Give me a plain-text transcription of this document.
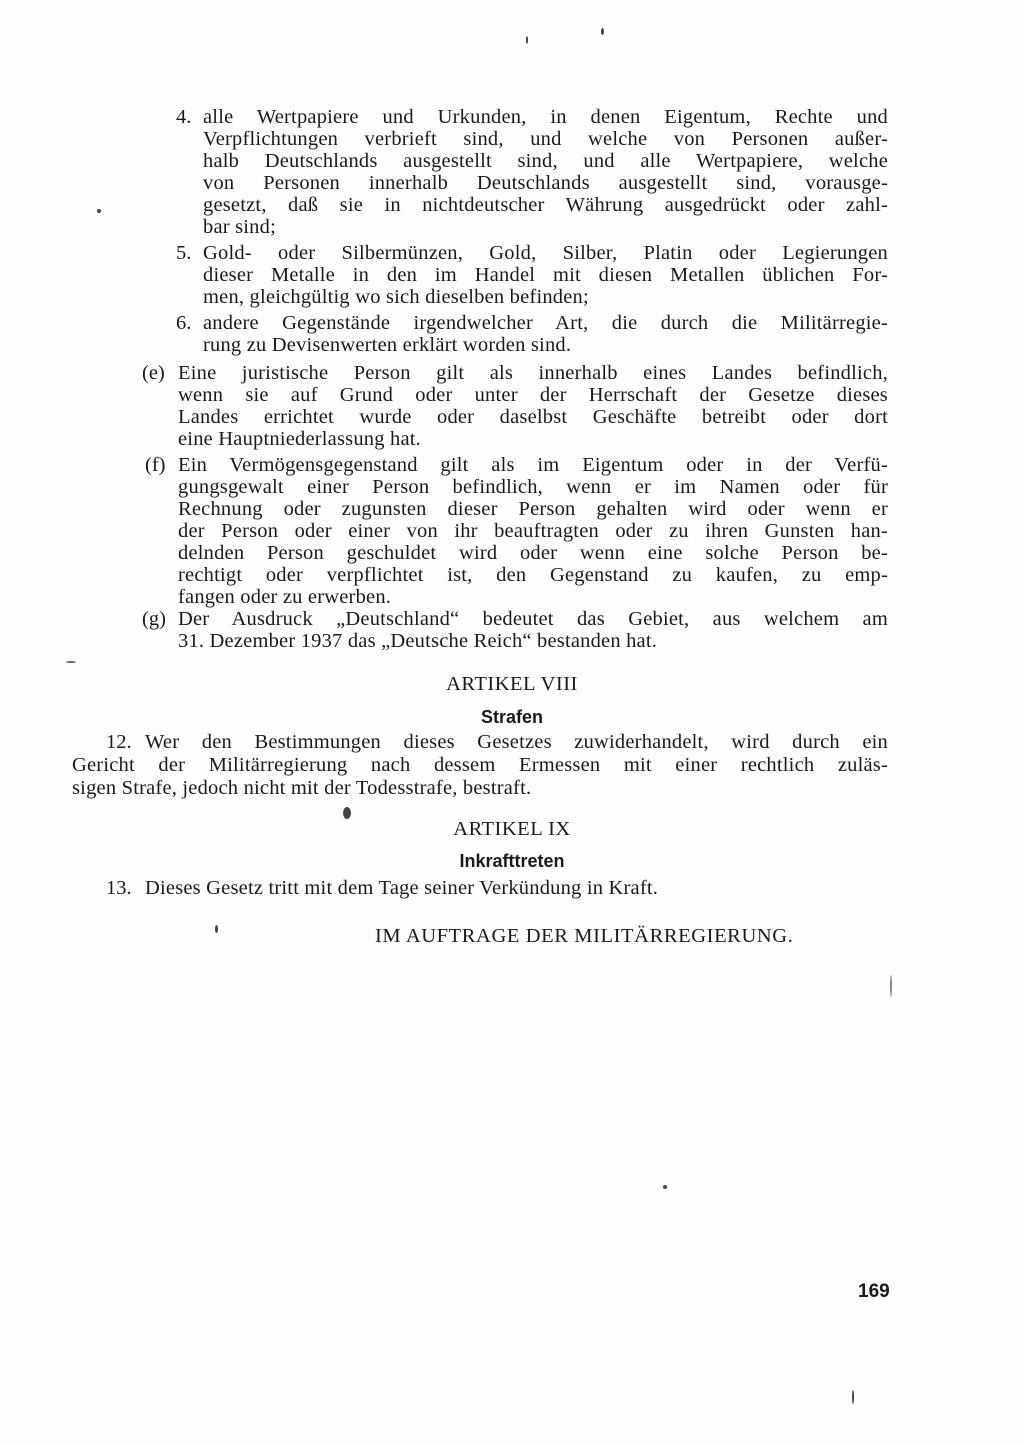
4. alle Wertpapiere und Urkunden, in denen Eigentum, Rechte und
Verpflichtungen verbrieft sind, und welche von Personen außer-
halb Deutschlands ausgestellt sind, und alle Wertpapiere, welche
von Personen innerhalb Deutschlands ausgestellt sind, vorausge-
gesetzt, daß sie in nichtdeutscher Währung ausgedrückt oder zahl-
bar sind;
5. Gold- oder Silbermünzen, Gold, Silber, Platin oder Legierungen
dieser Metalle in den im Handel mit diesen Metallen üblichen For-
men, gleichgültig wo sich dieselben befinden;
6. andere Gegenstände irgendwelcher Art, die durch die Militärregie-
rung zu Devisenwerten erklärt worden sind.
(e) Eine juristische Person gilt als innerhalb eines Landes befindlich,
wenn sie auf Grund oder unter der Herrschaft der Gesetze dieses
Landes errichtet wurde oder daselbst Geschäfte betreibt oder dort
eine Hauptniederlassung hat.
(f) Ein Vermögensgegenstand gilt als im Eigentum oder in der Verfü-
gungsgewalt einer Person befindlich, wenn er im Namen oder für
Rechnung oder zugunsten dieser Person gehalten wird oder wenn er
der Person oder einer von ihr beauftragten oder zu ihren Gunsten han-
delnden Person geschuldet wird oder wenn eine solche Person be-
rechtigt oder verpflichtet ist, den Gegenstand zu kaufen, zu emp-
fangen oder zu erwerben.
(g) Der Ausdruck „Deutschland“ bedeutet das Gebiet, aus welchem am
31. Dezember 1937 das „Deutsche Reich“ bestanden hat.
ARTIKEL VIII
Strafen
12. Wer den Bestimmungen dieses Gesetzes zuwiderhandelt, wird durch ein
Gericht der Militärregierung nach dessem Ermessen mit einer rechtlich zuläs-
sigen Strafe, jedoch nicht mit der Todesstrafe, bestraft.
ARTIKEL IX
Inkrafttreten
13. Dieses Gesetz tritt mit dem Tage seiner Verkündung in Kraft.
IM AUFTRAGE DER MILITÄRREGIERUNG.
169
